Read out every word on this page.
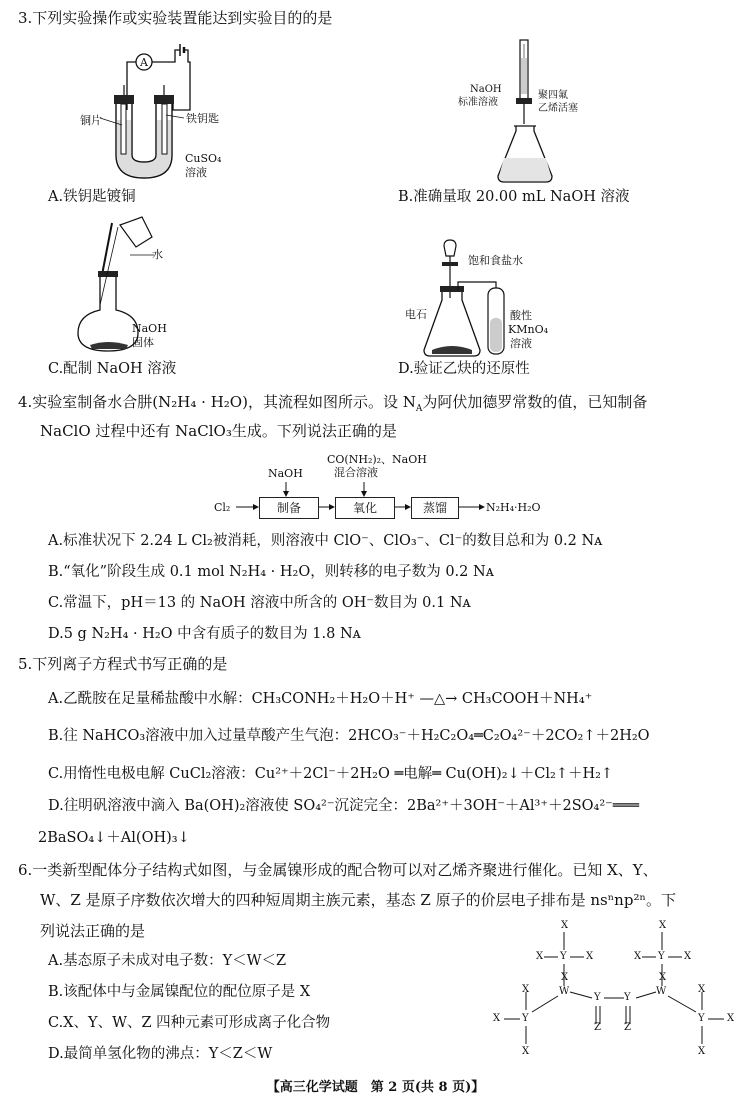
3.下列实验操作或实验装置能达到实验目的的是
A
铜片	铁钥匙
CuSO₄
溶液
A.铁钥匙镀铜
NaOH
标准溶液
聚四氟
乙烯活塞
B.准确量取 20.00 mL NaOH 溶液
水
NaOH
固体
C.配制 NaOH 溶液
饱和食盐水
电石	酸性
KMnO₄
溶液
D.验证乙炔的还原性
4.实验室制备水合肼(N₂H₄ · H₂O)，其流程如图所示。设 $N_A$为阿伏加德罗常数的值，已知制备
NaClO 过程中还有 NaClO₃生成。下列说法正确的是
Cl₂
NaOH
CO(NH₂)₂、NaOH
混合溶液
制备	氧化	蒸馏	N₂H₄·H₂O
A.标准状况下 2.24 L Cl₂被消耗，则溶液中 ClO⁻、ClO₃⁻、Cl⁻的数目总和为 0.2 Nᴀ
B.“氧化”阶段生成 0.1 mol N₂H₄ · H₂O，则转移的电子数为 0.2 Nᴀ
C.常温下，pH＝13 的 NaOH 溶液中所含的 OH⁻数目为 0.1 Nᴀ
D.5 g N₂H₄ · H₂O 中含有质子的数目为 1.8 Nᴀ
5.下列离子方程式书写正确的是
A.乙酰胺在足量稀盐酸中水解：CH₃CONH₂＋H₂O＋H⁺ —△→ CH₃COOH＋NH₄⁺
B.往 NaHCO₃溶液中加入过量草酸产生气泡：2HCO₃⁻＋H₂C₂O₄═C₂O₄²⁻＋2CO₂↑＋2H₂O
C.用惰性电极电解 CuCl₂溶液：Cu²⁺＋2Cl⁻＋2H₂O ═电解═ Cu(OH)₂↓＋Cl₂↑＋H₂↑
D.往明矾溶液中滴入 Ba(OH)₂溶液使 SO₄²⁻沉淀完全：2Ba²⁺＋3OH⁻＋Al³⁺＋2SO₄²⁻═══
2BaSO₄↓＋Al(OH)₃↓
6.一类新型配体分子结构式如图，与金属镍形成的配合物可以对乙烯齐聚进行催化。已知 X、Y、
W、Z 是原子序数依次增大的四种短周期主族元素，基态 Z 原子的价层电子排布是 nsⁿnp²ⁿ。下
列说法正确的是
A.基态原子未成对电子数：Y＜W＜Z
B.该配体中与金属镍配位的配位原子是 X
C.X、Y、W、Z 四种元素可形成离子化合物
D.最简单氢化物的沸点：Y＜Z＜W
X
X Y X
X
X Y X
X	X
W
Y Y
W
X	X
X Y	Y X
Z Z
X	X
【高三化学试题　第 2 页(共 8 页)】
